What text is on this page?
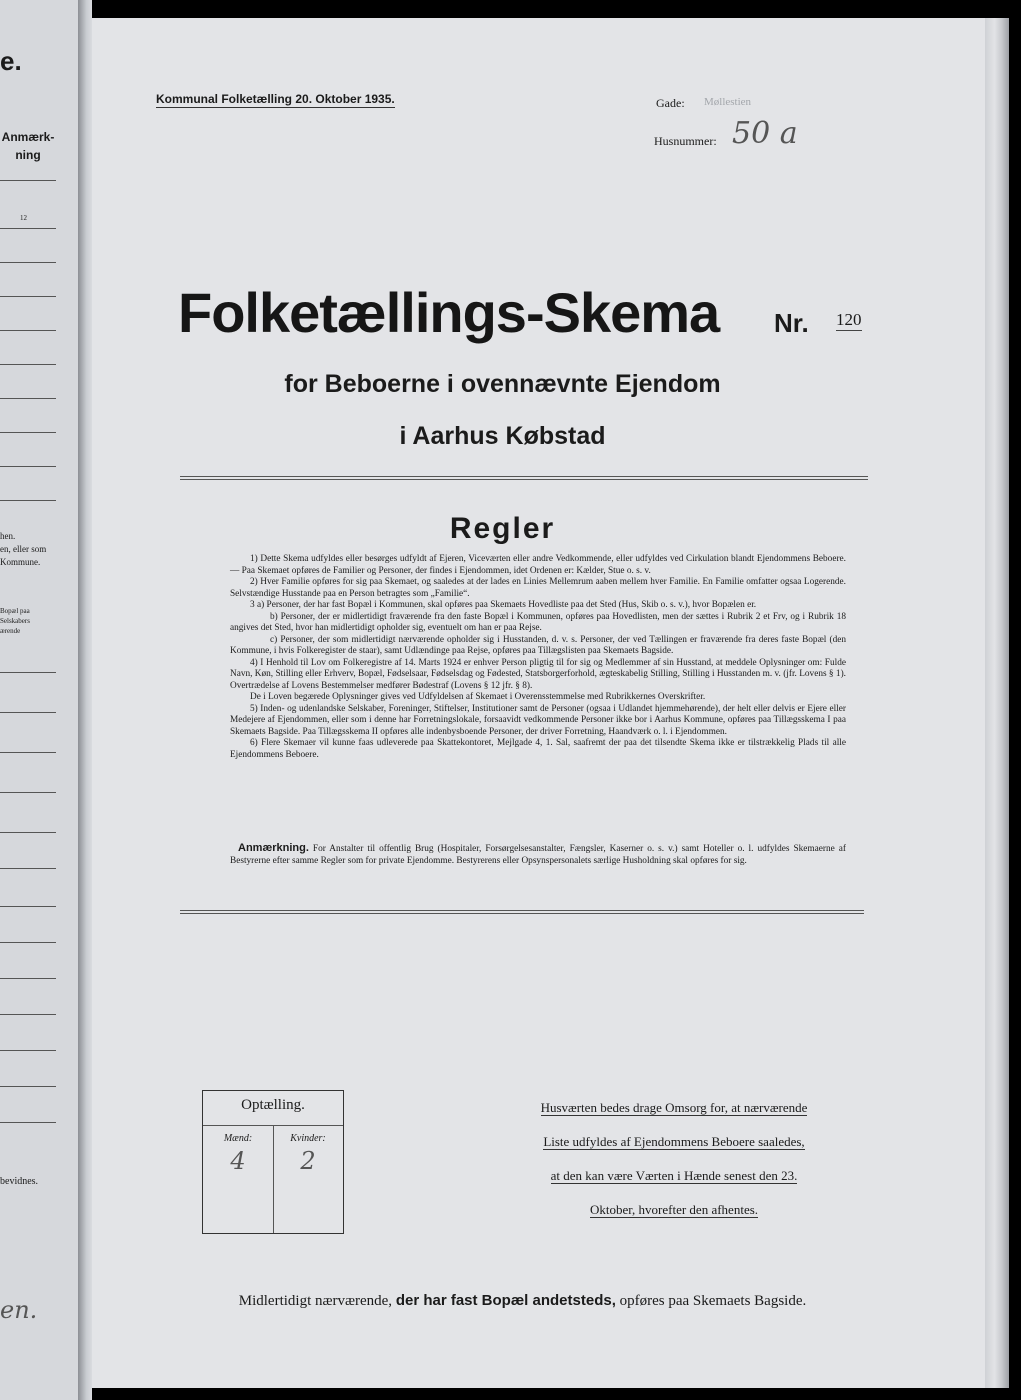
e.
Anmærk-
ning
12
hen.
en, eller som
Kommune.
Bopæl paa
Selskabers
ærende
bevidnes.
en.
Kommunal Folketælling 20. Oktober 1935.	Gade: Møllestien
Husnummer: 50 a
Folketællings-Skema Nr. 120
for Beboerne i ovennævnte Ejendom
i Aarhus Købstad
Regler

1) Dette Skema udfyldes eller besørges udfyldt af Ejeren, Viceværten eller andre Vedkommende, eller udfyldes ved Cirkulation blandt Ejendommens Beboere. — Paa Skemaet opføres de Familier og Personer, der findes i Ejendommen, idet Ordenen er: Kælder, Stue o. s. v.

2) Hver Familie opføres for sig paa Skemaet, og saaledes at der lades en Linies Mellemrum aaben mellem hver Familie. En Familie omfatter ogsaa Logerende. Selvstændige Husstande paa en Person betragtes som „Familie“.

3 a) Personer, der har fast Bopæl i Kommunen, skal opføres paa Skemaets Hovedliste paa det Sted (Hus, Skib o. s. v.), hvor Bopælen er.

b) Personer, der er midlertidigt fraværende fra den faste Bopæl i Kommunen, opføres paa Hovedlisten, men der sættes i Rubrik 2 et Frv, og i Rubrik 18 angives det Sted, hvor han midlertidigt opholder sig, eventuelt om han er paa Rejse.

c) Personer, der som midlertidigt nærværende opholder sig i Husstanden, d. v. s. Personer, der ved Tællingen er fraværende fra deres faste Bopæl (den Kommune, i hvis Folkeregister de staar), samt Udlændinge paa Rejse, opføres paa Tillægslisten paa Skemaets Bagside.

4) I Henhold til Lov om Folkeregistre af 14. Marts 1924 er enhver Person pligtig til for sig og Medlemmer af sin Husstand, at meddele Oplysninger om: Fulde Navn, Køn, Stilling eller Erhverv, Bopæl, Fødselsaar, Fødselsdag og Fødested, Statsborgerforhold, ægteskabelig Stilling, Stilling i Husstanden m. v. (jfr. Lovens § 1). Overtrædelse af Lovens Bestemmelser medfører Bødestraf (Lovens § 12 jfr. § 8).

De i Loven begærede Oplysninger gives ved Udfyldelsen af Skemaet i Overensstemmelse med Rubrikkernes Overskrifter.

5) Inden- og udenlandske Selskaber, Foreninger, Stiftelser, Institutioner samt de Personer (ogsaa i Udlandet hjemmehørende), der helt eller delvis er Ejere eller Medejere af Ejendommen, eller som i denne har Forretningslokale, forsaavidt vedkommende Personer ikke bor i Aarhus Kommune, opføres paa Tillægsskema I paa Skemaets Bagside. Paa Tillægsskema II opføres alle indenbysboende Personer, der driver Forretning, Haandværk o. l. i Ejendommen.

6) Flere Skemaer vil kunne faas udleverede paa Skattekontoret, Mejlgade 4, 1. Sal, saafremt der paa det tilsendte Skema ikke er tilstrækkelig Plads til alle Ejendommens Beboere.

Anmærkning. For Anstalter til offentlig Brug (Hospitaler, Forsørgelsesanstalter, Fængsler, Kaserner o. s. v.) samt Hoteller o. l. udfyldes Skemaerne af Bestyrerne efter samme Regler som for private Ejendomme. Bestyrerens eller Opsynspersonalets særlige Husholdning skal opføres for sig.
Optælling.
Mænd:	Kvinder:
4	2
Husværten bedes drage Omsorg for, at nærværende
Liste udfyldes af Ejendommens Beboere saaledes,
at den kan være Værten i Hænde senest den 23.
Oktober, hvorefter den afhentes.
Midlertidigt nærværende, der har fast Bopæl andetsteds, opføres paa Skemaets Bagside.
